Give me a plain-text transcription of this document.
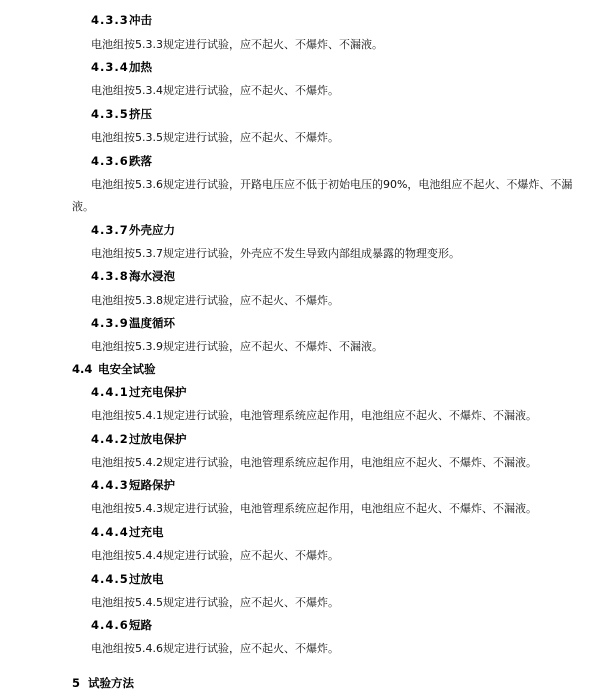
4.3.3冲击
电池组按5.3.3规定进行试验，应不起火、不爆炸、不漏液。
4.3.4加热
电池组按5.3.4规定进行试验，应不起火、不爆炸。
4.3.5挤压
电池组按5.3.5规定进行试验，应不起火、不爆炸。
4.3.6跌落
电池组按5.3.6规定进行试验，开路电压应不低于初始电压的90%，电池组应不起火、不爆炸、不漏
液。
4.3.7外壳应力
电池组按5.3.7规定进行试验，外壳应不发生导致内部组成暴露的物理变形。
4.3.8海水浸泡
电池组按5.3.8规定进行试验，应不起火、不爆炸。
4.3.9温度循环
电池组按5.3.9规定进行试验，应不起火、不爆炸、不漏液。
4.4 电安全试验
4.4.1过充电保护
电池组按5.4.1规定进行试验，电池管理系统应起作用，电池组应不起火、不爆炸、不漏液。
4.4.2过放电保护
电池组按5.4.2规定进行试验，电池管理系统应起作用，电池组应不起火、不爆炸、不漏液。
4.4.3短路保护
电池组按5.4.3规定进行试验，电池管理系统应起作用，电池组应不起火、不爆炸、不漏液。
4.4.4过充电
电池组按5.4.4规定进行试验，应不起火、不爆炸。
4.4.5过放电
电池组按5.4.5规定进行试验，应不起火、不爆炸。
4.4.6短路
电池组按5.4.6规定进行试验，应不起火、不爆炸。
5 试验方法
